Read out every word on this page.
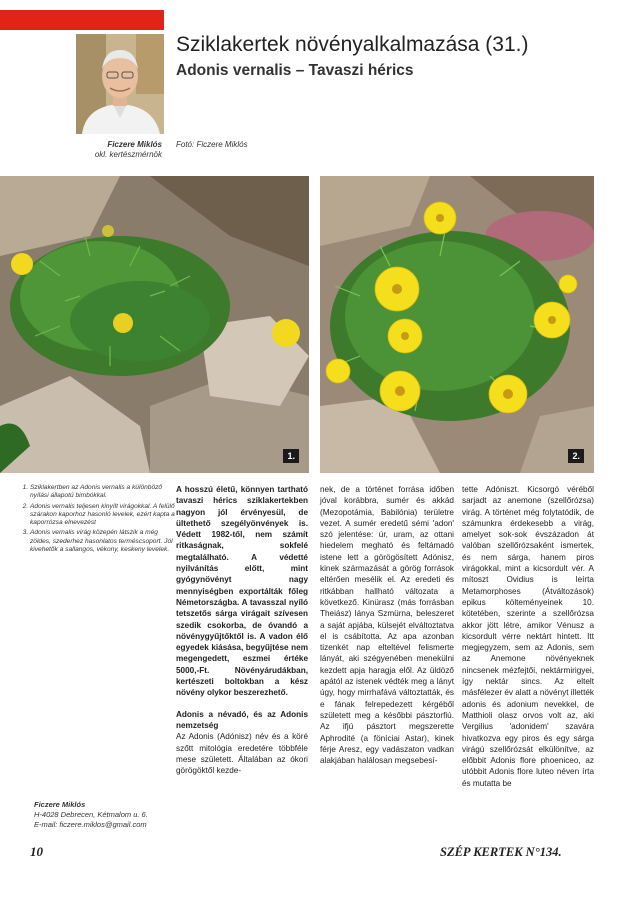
Sziklakertek növényalkalmazása (31.)
Adonis vernalis – Tavaszi hérics
Ficzere Miklós
okl. kertészmérnök
Fotó: Ficzere Miklós
1.	2.
1. Sziklakertben az Adonis vernalis a különböző nyílási állapotú bimbókkal.
2. Adonis vernalis teljesen kinyílt virágokkal. A felülő szárakon kaporhoz hasonló levelek, ezért kapta a kaporrózsa elnevezést
3. Adonis vernalis virág közepén látszik a még zöldes, szederhez hasonlatos termésсsoport. Jól kivehetők a sallangos, vékony, keskeny levelek.
Ficzere Miklós
H-4028 Debrecen, Kétmalom u. 6.
E-mail: ficzere.miklos@gmail.com

A hosszú életű, könnyen tartható tavaszi hérics sziklakertekben nagyon jól érvényesül, de ültethető szegélyönvények is. Védett 1982-től, nem számít ritkaságnak, sokfelé megtalálható. A védetté nyilvánítás előtt, mint gyógynövényt nagy mennyiségben exportálták főleg Németországba. A tavasszal nyíló tetszetős sárga virágait szívesen szedik csokorba, de óvandó a növénygyűjtőktől is. A vadon élő egyedek kiásása, begyűjtése nem megengedett, eszmei értéke 5000,-Ft. Növényárudákban, kertészeti boltokban a kész növény olykor beszerezhető.

Adonis a névadó, és az Adonis nemzetség

Az Adonis (Adónisz) név és a köré szőtt mitológia eredetére többféle mese született. Általában az ókori görögöktől kezde-

nek, de a történet forrása időben jóval korábbra, sumér és akkád (Mezopotámia, Babilónia) területre vezet. A sumér eredetű sémi 'adon' szó jelentése: úr, uram, az ottani hiedelem megható és feltámadó istene lett a görögösített Adónisz, kinek származását a görög források eltérően mesélik el. Az eredeti és ritkábban hallható változata a következő. Kinürasz (más forrásban Theiász) lánya Szmürna, beleszeret a saját apjába, külsejét elváltoztatva el is csábította. Az apa azonban tizenkét nap elteltével felismerte lányát, aki szégyenében menekülni kezdett apja haragja elől. Az üldöző apától az istenek védték meg a lányt úgy, hogy mirrhafává változtatták, és e fának felrepedezett kérgéből született meg a későbbi pásztorfiú. Az ifjú pásztort megszerette Aphrodité (a föníciai Astar), kinek férje Aresz, egy vadászaton vadkan alakjában halálosan megsebesí-

tette Adóniszt. Kicsorgó véréből sarjadt az anemone (szellőrózsa) virág. A történet még folytatódik, de számunkra érdekesebb a virág, amelyet sok-sok évszázadon át valóban szellőrózsaként ismertek, és nem sárga, hanem piros virágokkal, mint a kicsordult vér. A mítoszt Ovidius is leírta Metamorphoses (Átváltozások) epikus költeményeinek 10. kötetében, szerinte a szellőrózsa akkor jött létre, amikor Vénusz a kicsordult vérre nektárt hintett. Itt megjegyzem, sem az Adonis, sem az Anemone növényeknek nincsenek mézfejtői, nektármirigyei, így nektár sincs. Az eltelt másfélezer év alatt a növényt illették adonis és adonium nevekkel, de Matthioli olasz orvos volt az, aki Vergilius 'adonidem' szavára hivatkozva egy piros és egy sárga virágú szellőrózsát elkülönítve, az előbbit Adonis flore phoeniceo, az utóbbit Adonis flore luteo néven írta és mutatta be

10	SZÉP KERTEK N°134.
